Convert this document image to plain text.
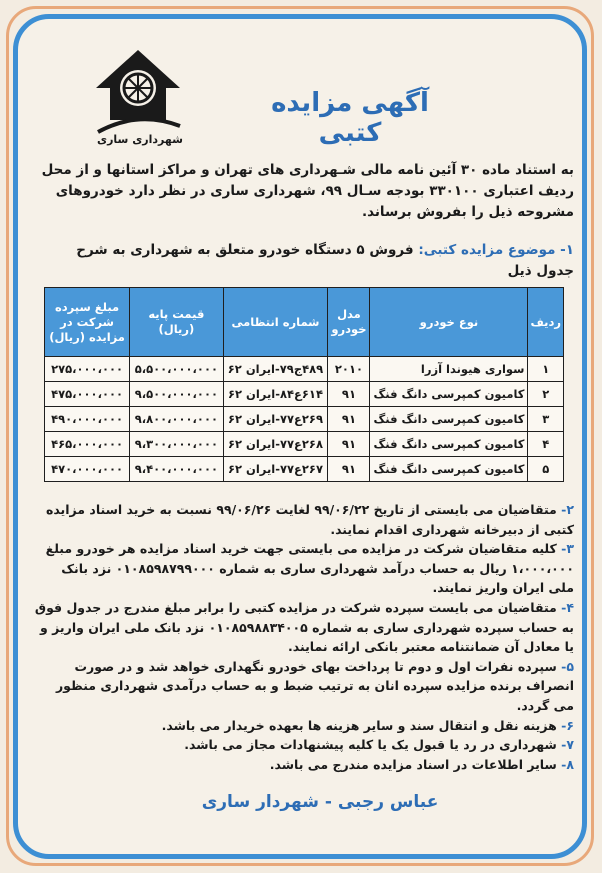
شهرداری ساری
آگهی مزایده کتبی
به استناد ماده ۳۰ آئین نامه مالی شـهرداری های تهران و مراکز استانها و از محل ردیف اعتباری ۳۳۰۱۰۰ بودجه سـال ۹۹، شهرداری ساری در نظر دارد خودروهای مشروحه ذیل را بفروش برساند.
۱- موضوع مزایده کتبی: فروش ۵ دستگاه خودرو متعلق به شهرداری به شرح جدول ذیل
ردیف	نوع خودرو	مدل خودرو	شماره انتظامی	قیمت پایه (ریال)	مبلغ سپرده شرکت در مزایده (ریال)
۱	سواری هیوندا آزرا	۲۰۱۰	۴۸۹ج۷۹-ایران ۶۲	۵،۵۰۰،۰۰۰،۰۰۰	۲۷۵،۰۰۰،۰۰۰
۲	کامیون کمپرسی دانگ فنگ	۹۱	۶۱۴ع۸۴-ایران ۶۲	۹،۵۰۰،۰۰۰،۰۰۰	۴۷۵،۰۰۰،۰۰۰
۳	کامیون کمپرسی دانگ فنگ	۹۱	۲۶۹ع۷۷-ایران ۶۲	۹،۸۰۰،۰۰۰،۰۰۰	۴۹۰،۰۰۰،۰۰۰
۴	کامیون کمپرسی دانگ فنگ	۹۱	۲۶۸ع۷۷-ایران ۶۲	۹،۳۰۰،۰۰۰،۰۰۰	۴۶۵،۰۰۰،۰۰۰
۵	کامیون کمپرسی دانگ فنگ	۹۱	۲۶۷ع۷۷-ایران ۶۲	۹،۴۰۰،۰۰۰،۰۰۰	۴۷۰،۰۰۰،۰۰۰

۲- متقاضیان می بایستی از تاریخ ۹۹/۰۶/۲۲ لغایت ۹۹/۰۶/۲۶ نسبت به خرید اسناد مزایده کتبی از دبیرخانه شهرداری اقدام نمایند.

۳- کلیه متقاضیان شرکت در مزایده می بایستی جهت خرید اسناد مزایده هر خودرو مبلغ ۱،۰۰۰،۰۰۰ ریال به حساب درآمد شهرداری ساری به شماره ۰۱۰۸۵۹۸۷۹۹۰۰۰ نزد بانک ملی ایران واریز نمایند.

۴- متقاضیان می بایست سپرده شرکت در مزایده کتبی را برابر مبلغ مندرج در جدول فوق به حساب سپرده شهرداری ساری به شماره ۰۱۰۸۵۹۸۸۳۴۰۰۵ نزد بانک ملی ایران واریز و یا معادل آن ضمانتنامه معتبر بانکی ارائه نمایند.

۵- سپرده نفرات اول و دوم تا پرداخت بهای خودرو نگهداری خواهد شد و در صورت انصراف برنده مزایده سپرده انان به ترتیب ضبط و به حساب درآمدی شهرداری منظور می گردد.

۶- هزینه نقل و انتقال سند و سایر هزینه ها بعهده خریدار می باشد.

۷- شهرداری در رد یا قبول یک یا کلیه پیشنهادات مجاز می باشد.

۸- سایر اطلاعات در اسناد مزایده مندرج می باشد.

عباس رجبی - شهردار ساری
